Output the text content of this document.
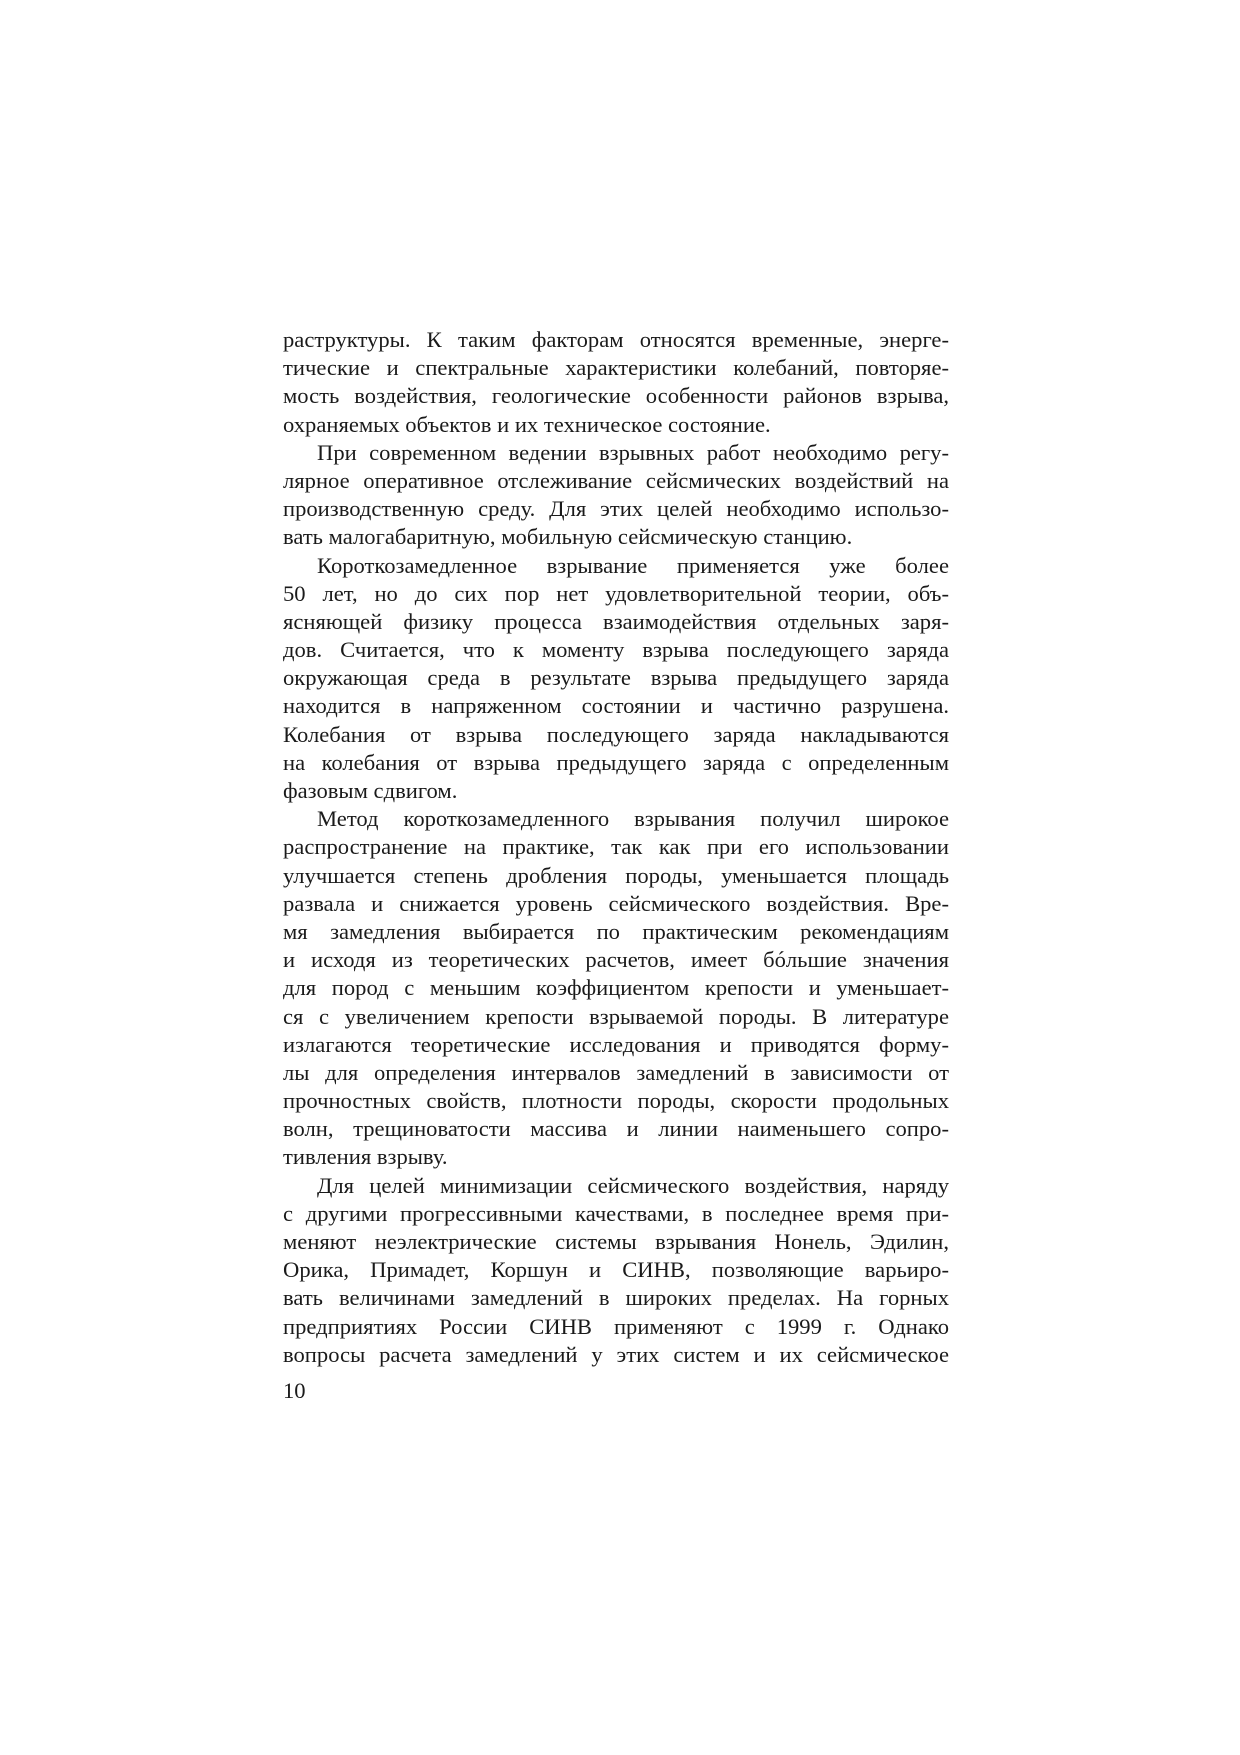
раструктуры. К таким факторам относятся временные, энерге-
тические и спектральные характеристики колебаний, повторяе-
мость воздействия, геологические особенности районов взрыва,
охраняемых объектов и их техническое состояние.
При современном ведении взрывных работ необходимо регу-
лярное оперативное отслеживание сейсмических воздействий на
производственную среду. Для этих целей необходимо использо-
вать малогабаритную, мобильную сейсмическую станцию.
Короткозамедленное взрывание применяется уже более
50 лет, но до сих пор нет удовлетворительной теории, объ-
ясняющей физику процесса взаимодействия отдельных заря-
дов. Считается, что к моменту взрыва последующего заряда
окружающая среда в результате взрыва предыдущего заряда
находится в напряженном состоянии и частично разрушена.
Колебания от взрыва последующего заряда накладываются
на колебания от взрыва предыдущего заряда с определенным
фазовым сдвигом.
Метод короткозамедленного взрывания получил широкое
распространение на практике, так как при его использовании
улучшается степень дробления породы, уменьшается площадь
развала и снижается уровень сейсмического воздействия. Вре-
мя замедления выбирается по практическим рекомендациям
и исходя из теоретических расчетов, имеет бóльшие значения
для пород с меньшим коэффициентом крепости и уменьшает-
ся с увеличением крепости взрываемой породы. В литературе
излагаются теоретические исследования и приводятся форму-
лы для определения интервалов замедлений в зависимости от
прочностных свойств, плотности породы, скорости продольных
волн, трещиноватости массива и линии наименьшего сопро-
тивления взрыву.
Для целей минимизации сейсмического воздействия, наряду
с другими прогрессивными качествами, в последнее время при-
меняют неэлектрические системы взрывания Нонель, Эдилин,
Орика, Примадет, Коршун и СИНВ, позволяющие варьиро-
вать величинами замедлений в широких пределах. На горных
предприятиях России СИНВ применяют с 1999 г. Однако
вопросы расчета замедлений у этих систем и их сейсмическое
10
